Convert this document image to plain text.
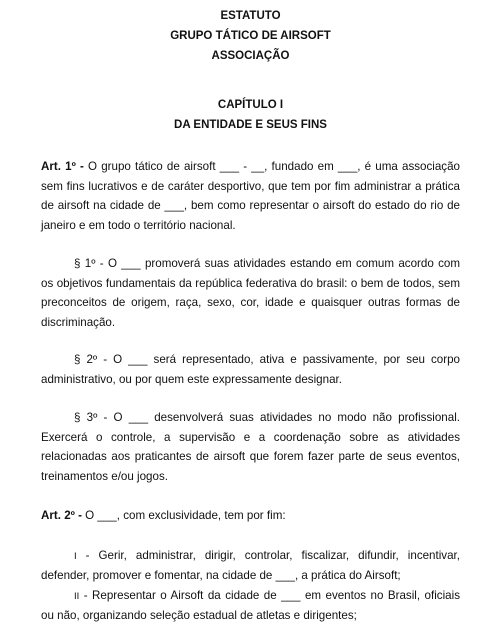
ESTATUTO

GRUPO TÁTICO DE AIRSOFT

ASSOCIAÇÃO

CAPÍTULO I

DA ENTIDADE E SEUS FINS

Art. 1º - O grupo tático de airsoft ___ - __, fundado em ___, é uma associação sem fins lucrativos e de caráter desportivo, que tem por fim administrar a prática de airsoft na cidade de ___, bem como representar o airsoft do estado do rio de janeiro e em todo o território nacional.

§ 1º - O ___ promoverá suas atividades estando em comum acordo com os objetivos fundamentais da república federativa do brasil: o bem de todos, sem preconceitos de origem, raça, sexo, cor, idade e quaisquer outras formas de discriminação.

§ 2º - O ___ será representado, ativa e passivamente, por seu corpo administrativo, ou por quem este expressamente designar.

§ 3º - O ___ desenvolverá suas atividades no modo não profissional. Exercerá o controle, a supervisão e a coordenação sobre as atividades relacionadas aos praticantes de airsoft que forem fazer parte de seus eventos, treinamentos e/ou jogos.

Art. 2º - O ___, com exclusividade, tem por fim:

I - Gerir, administrar, dirigir, controlar, fiscalizar, difundir, incentivar, defender, promover e fomentar, na cidade de ___, a prática do Airsoft;

II - Representar o Airsoft da cidade de ___ em eventos no Brasil, oficiais ou não, organizando seleção estadual de atletas e dirigentes;
